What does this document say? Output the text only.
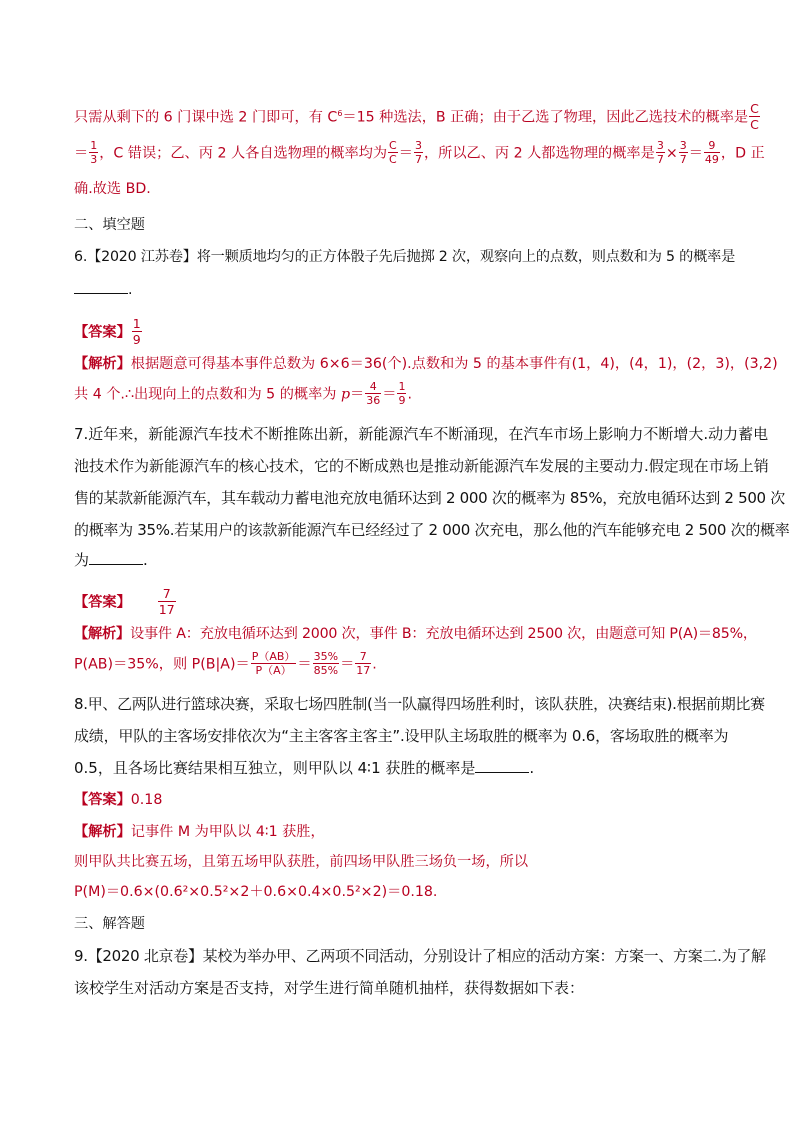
只需从剩下的 6 门课中选 2 门即可，有 $C^6=15$ 种选法，B 正确；由于乙选了物理，因此乙选技术的概率是 $\frac{C}{C}$
＝ $\frac{1}{3}$ ，C 错误；乙、丙 2 人各自选物理的概率均为 $\frac{C}{C} = \frac{3}{7}$ ，所以乙、丙 2 人都选物理的概率是 $\frac{3}{7} \times \frac{3}{7} = \frac{9}{49}$ ，D 正
确.故选 BD.
二、填空题
6.【2020 江苏卷】将一颗质地均匀的正方体骰子先后抛掷 2 次，观察向上的点数，则点数和为 5 的概率是
.
【答案】 $\frac{1}{9}$
【解析】根据题意可得基本事件总数为 6×6＝36(个).点数和为 5 的基本事件有(1，4)，(4，1)，(2，3)，(3,2)
共 4 个.∴出现向上的点数和为 5 的概率为 $p= \frac{4}{36} = \frac{1}{9}$ .
7.近年来，新能源汽车技术不断推陈出新，新能源汽车不断涌现，在汽车市场上影响力不断增大.动力蓄电
池技术作为新能源汽车的核心技术，它的不断成熟也是推动新能源汽车发展的主要动力.假定现在市场上销
售的某款新能源汽车，其车载动力蓄电池充放电循环达到 2 000 次的概率为 85%，充放电循环达到 2 500 次
的概率为 35%.若某用户的该款新能源汽车已经经过了 2 000 次充电，那么他的汽车能够充电 2 500 次的概率
为	.
【答案】 $\frac{7}{17}$
【解析】设事件 A：充放电循环达到 2000 次，事件 B：充放电循环达到 2500 次，由题意可知 P(A)＝85%，
P(AB)＝35%，则 $P(B|A)= \frac{P(AB)}{P(A)} = \frac{35\%}{85\%} = \frac{7}{17}$ .
8.甲、乙两队进行篮球决赛，采取七场四胜制(当一队赢得四场胜利时，该队获胜，决赛结束).根据前期比赛
成绩，甲队的主客场安排依次为“主主客客主客主”.设甲队主场取胜的概率为 0.6，客场取胜的概率为
0.5，且各场比赛结果相互独立，则甲队以 4∶1 获胜的概率是	.
【答案】0.18
【解析】记事件 M 为甲队以 4∶1 获胜，
则甲队共比赛五场，且第五场甲队获胜，前四场甲队胜三场负一场，所以
P(M)＝0.6×(0.6²×0.5²×2＋0.6×0.4×0.5²×2)＝0.18.
三、解答题
9.【2020 北京卷】某校为举办甲、乙两项不同活动，分别设计了相应的活动方案：方案一、方案二.为了解
该校学生对活动方案是否支持，对学生进行简单随机抽样，获得数据如下表：
